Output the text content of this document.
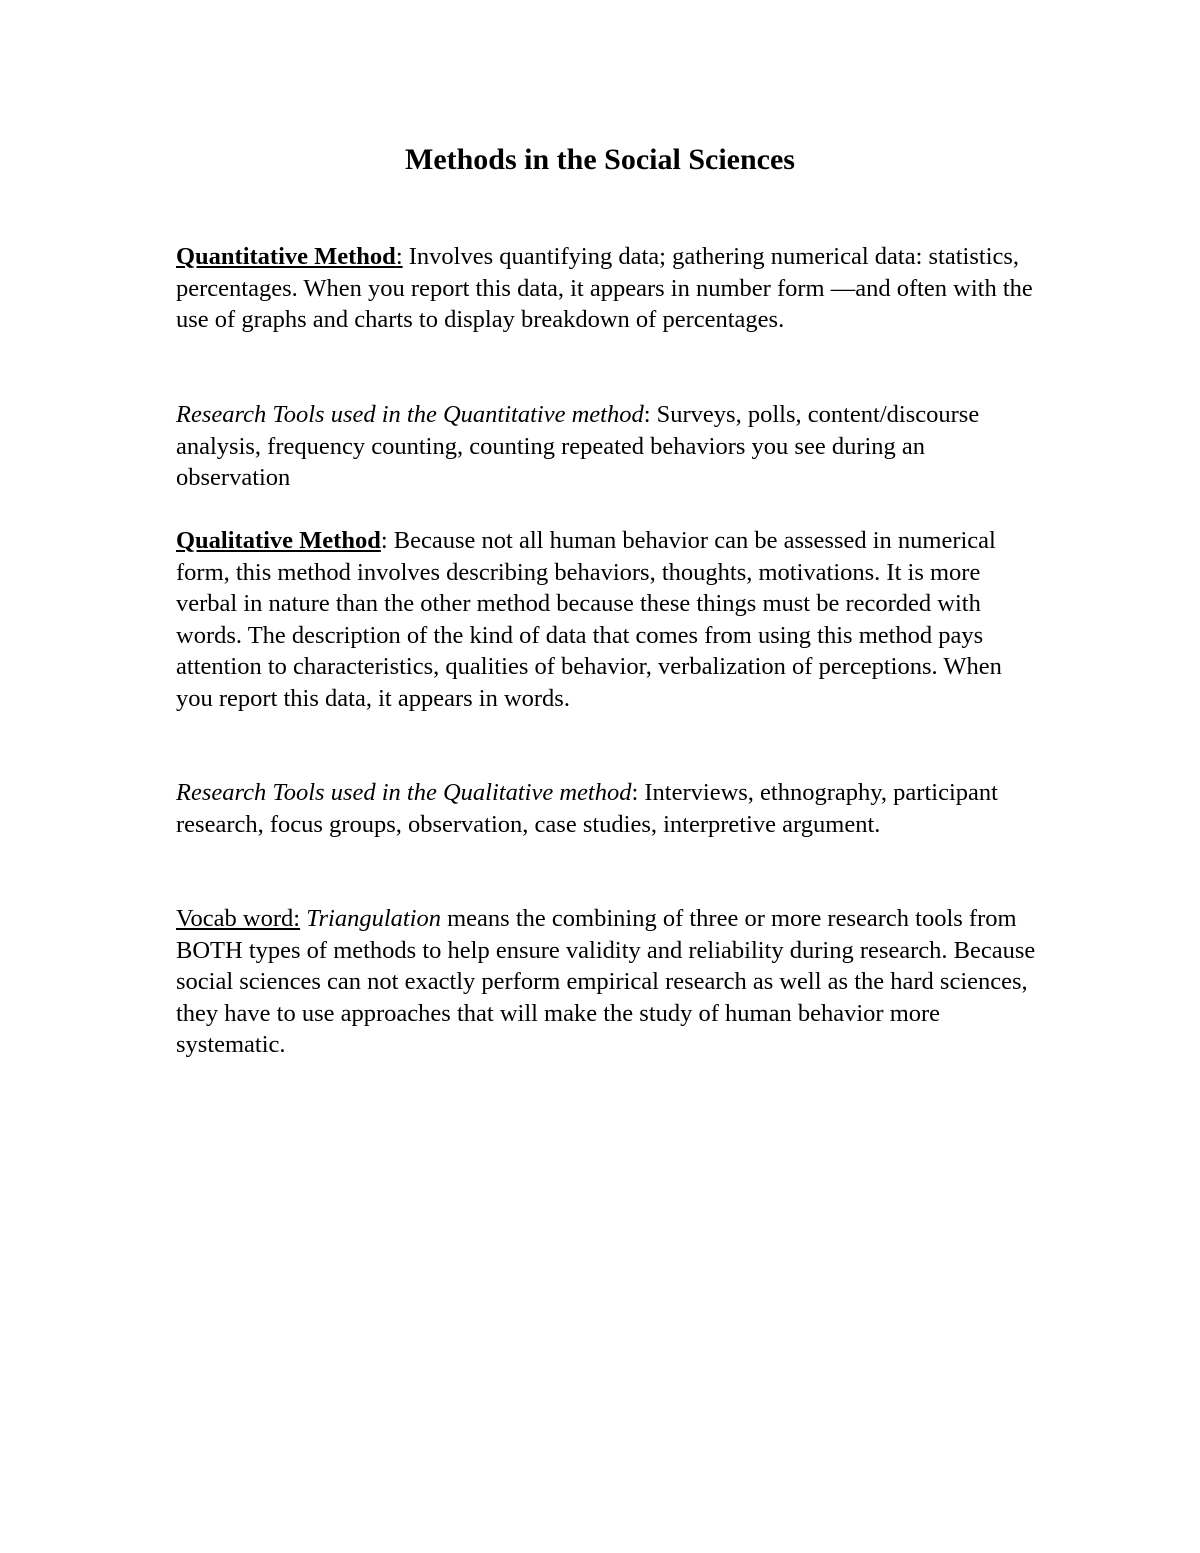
Methods in the Social Sciences

Quantitative Method: Involves quantifying data; gathering numerical data: statistics, percentages. When you report this data, it appears in number form —and often with the use of graphs and charts to display breakdown of percentages.

Research Tools used in the Quantitative method: Surveys, polls, content/discourse analysis, frequency counting, counting repeated behaviors you see during an observation

Qualitative Method: Because not all human behavior can be assessed in numerical form, this method involves describing behaviors, thoughts, motivations. It is more verbal in nature than the other method because these things must be recorded with words. The description of the kind of data that comes from using this method pays attention to characteristics, qualities of behavior, verbalization of perceptions. When you report this data, it appears in words.

Research Tools used in the Qualitative method: Interviews, ethnography, participant research, focus groups, observation, case studies, interpretive argument.

Vocab word: Triangulation means the combining of three or more research tools from BOTH types of methods to help ensure validity and reliability during research. Because social sciences can not exactly perform empirical research as well as the hard sciences, they have to use approaches that will make the study of human behavior more systematic.
